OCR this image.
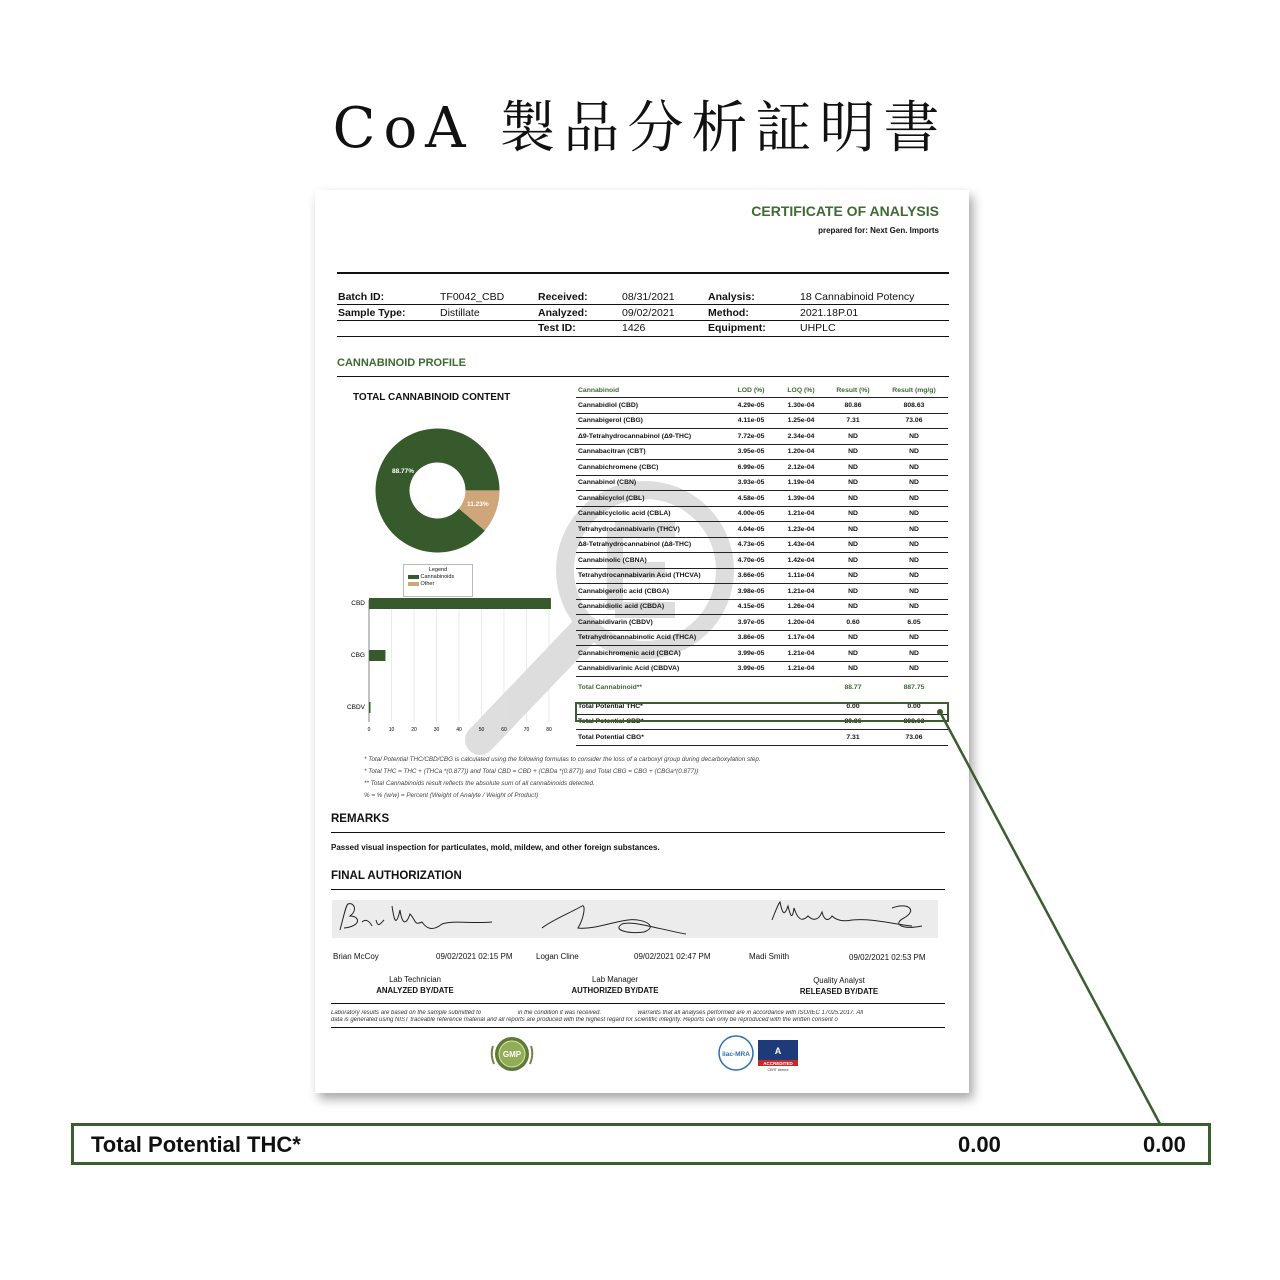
CoA 製品分析証明書
CERTIFICATE OF ANALYSIS
prepared for: Next Gen. Imports
Batch ID:	TF0042_CBD
Sample Type:	Distillate
Received:	08/31/2021
Analyzed:	09/02/2021
Test ID:	1426
Analysis:	18 Cannabinoid Potency
Method:	2021.18P.01
Equipment:	UHPLC
CANNABINOID PROFILE
TOTAL CANNABINOID CONTENT
88.77%
11.23%
Legend
Cannabinoids
Other
CBD
CBG
CBDV
0	10	20	30	40	50	60	70	80
Cannabinoid	LOD (%)	LOQ (%)	Result (%)	Result (mg/g)
Cannabidiol (CBD)	4.29e-05	1.30e-04	80.86	808.63
Cannabigerol (CBG)	4.11e-05	1.25e-04	7.31	73.06
Δ9-Tetrahydrocannabinol (Δ9-THC)	7.72e-05	2.34e-04	ND	ND
Cannabacitran (CBT)	3.95e-05	1.20e-04	ND	ND
Cannabichromene (CBC)	6.99e-05	2.12e-04	ND	ND
Cannabinol (CBN)	3.93e-05	1.19e-04	ND	ND
Cannabicyclol (CBL)	4.58e-05	1.39e-04	ND	ND
Cannabicyclolic acid (CBLA)	4.00e-05	1.21e-04	ND	ND
Tetrahydrocannabivarin (THCV)	4.04e-05	1.23e-04	ND	ND
Δ8-Tetrahydrocannabinol (Δ8-THC)	4.73e-05	1.43e-04	ND	ND
Cannabinolic (CBNA)	4.70e-05	1.42e-04	ND	ND
Tetrahydrocannabivarin Acid (THCVA)	3.66e-05	1.11e-04	ND	ND
Cannabigerolic acid (CBGA)	3.98e-05	1.21e-04	ND	ND
Cannabidiolic acid (CBDA)	4.15e-05	1.26e-04	ND	ND
Cannabidivarin (CBDV)	3.97e-05	1.20e-04	0.60	6.05
Tetrahydrocannabinolic Acid (THCA)	3.86e-05	1.17e-04	ND	ND
Cannabichromenic acid (CBCA)	3.99e-05	1.21e-04	ND	ND
Cannabidivarinic Acid (CBDVA)	3.99e-05	1.21e-04	ND	ND
Total Cannabinoid**			88.77	887.75
Total Potential THC*			0.00	0.00
Total Potential CBD*			80.86	808.63
Total Potential CBG*			7.31	73.06
* Total Potential THC/CBD/CBG is calculated using the following formulas to consider the loss of a carboxyl group during decarboxylation step.
* Total THC = THC + (THCa *(0.877)) and Total CBD = CBD + (CBDa *(0.877)) and Total CBG = CBG + (CBGa*(0.877))
** Total Cannabinoids result reflects the absolute sum of all cannabinoids detected.
% = % (w/w) = Percent (Weight of Analyte / Weight of Product)
REMARKS
Passed visual inspection for particulates, mold, mildew, and other foreign substances.
FINAL AUTHORIZATION
Brian McCoy	09/02/2021 02:15 PM	Logan Cline	09/02/2021 02:47 PM	Madi Smith	09/02/2021 02:53 PM
Lab Technician
ANALYZED BY/DATE
Lab Manager
AUTHORIZED BY/DATE
Quality Analyst
RELEASED BY/DATE
Laboratory results are based on the sample submitted to                      in the condition it was received.                      warrants that all analyses performed are in accordance with ISO/IEC 17025:2017. All
data is generated using NIST traceable reference material and all reports are produced with the highest regard for scientific integrity. Reports can only be reproduced with the written consent o
GMP	ilac-MRA	A
ACCREDITED
CERT #xxxxx
Total Potential THC*	0.00	0.00
